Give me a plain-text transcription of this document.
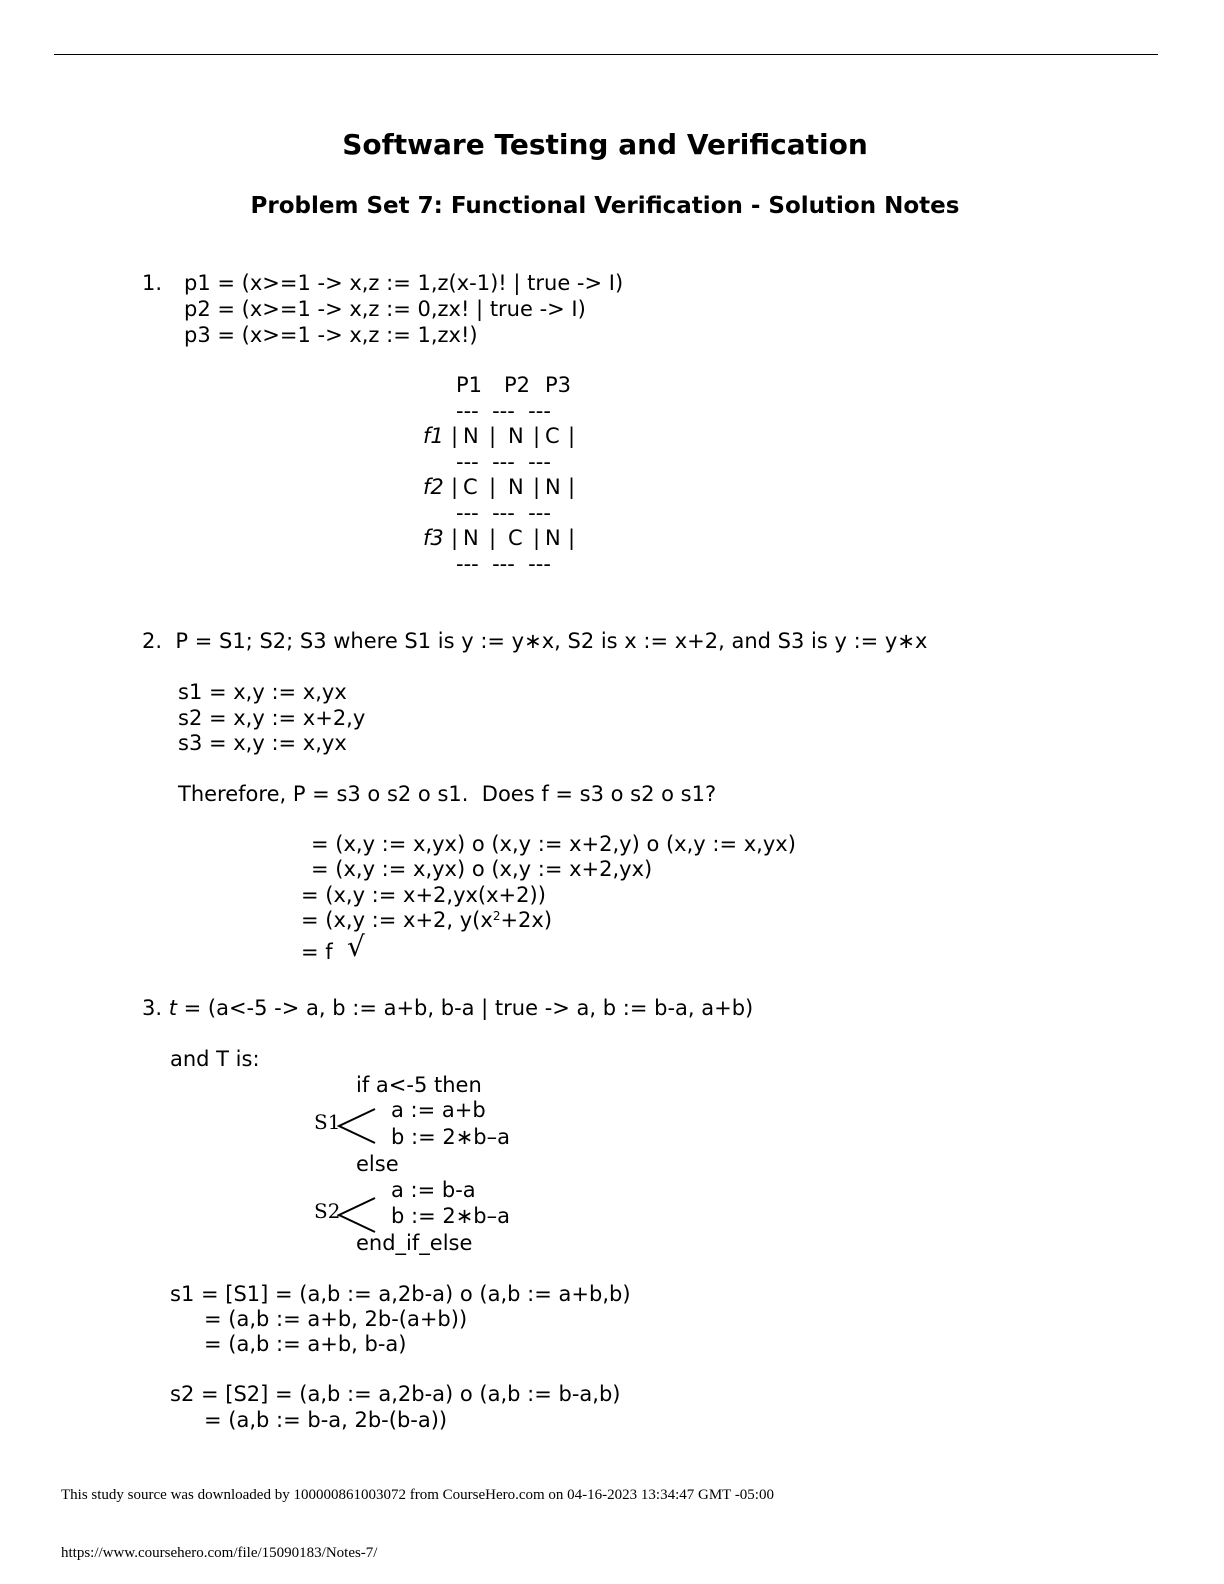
Software Testing and Verification
Problem Set 7: Functional Verification - Solution Notes
1. p1 = (x>=1 -> x,z := 1,z(x-1)! | true -> I)
p2 = (x>=1 -> x,z := 0,zx! | true -> I)
p3 = (x>=1 -> x,z := 1,zx!)
P1 P2 P3
---  ---  ---
f1 | N | N | C |
---  ---  ---
f2 | C | N | N |
---  ---  ---
f3 | N | C | N |
---  ---  ---
2.  P = S1; S2; S3 where S1 is y := y∗x, S2 is x := x+2, and S3 is y := y∗x
s1 = x,y := x,yx
s2 = x,y := x+2,y
s3 = x,y := x,yx
Therefore, P = s3 o s2 o s1.  Does f = s3 o s2 o s1?
= (x,y := x,yx) o (x,y := x+2,y) o (x,y := x,yx)
= (x,y := x,yx) o (x,y := x+2,yx)
= (x,y := x+2,yx(x+2))
= (x,y := x+2, $y(x^2+2x)$
= f √
3. t = (a<-5 -> a, b := a+b, b-a | true -> a, b := b-a, a+b)
and T is:
if a<-5 then
S1 a := a+b
b := 2∗b–a
else
S2
a := b-a
b := 2∗b–a
end_if_else
s1 = [S1] = (a,b := a,2b-a) o (a,b := a+b,b)
= (a,b := a+b, 2b-(a+b))
= (a,b := a+b, b-a)
s2 = [S2] = (a,b := a,2b-a) o (a,b := b-a,b)
= (a,b := b-a, 2b-(b-a))
This study source was downloaded by 100000861003072 from CourseHero.com on 04-16-2023 13:34:47 GMT -05:00
https://www.coursehero.com/file/15090183/Notes-7/
